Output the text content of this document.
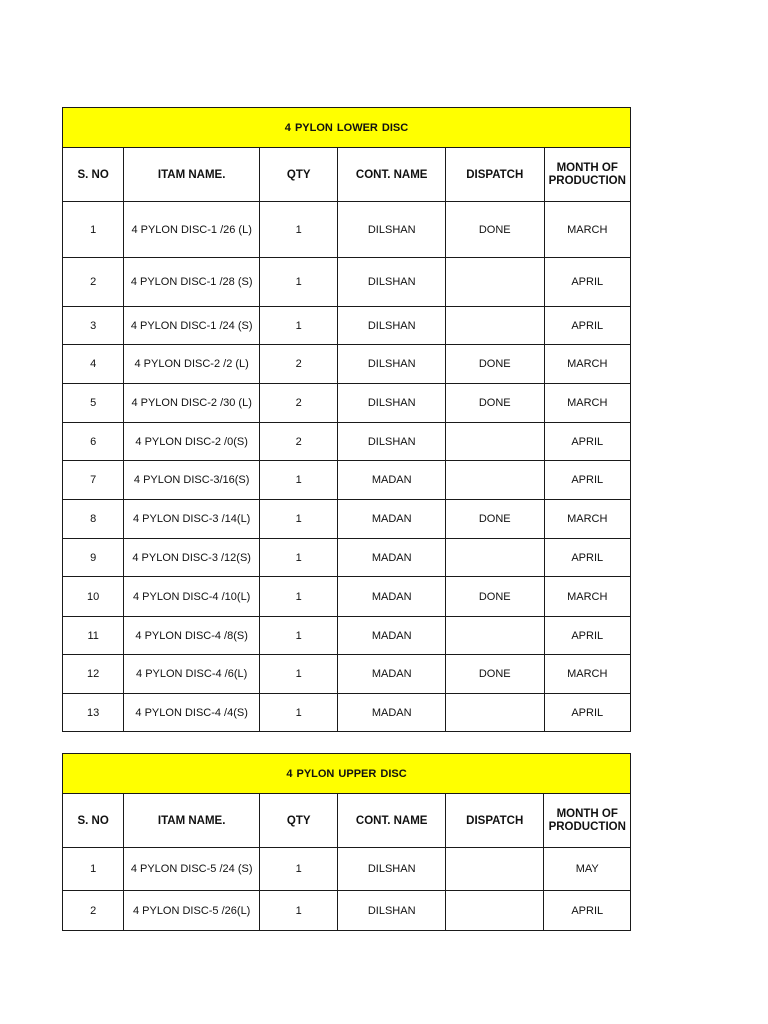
4 PYLON LOWER DISC					
S. NO	ITAM NAME.	QTY	CONT. NAME	DISPATCH	MONTH OF PRODUCTION
1	4 PYLON DISC-1 /26 (L)	1	DILSHAN	DONE	MARCH
2	4 PYLON DISC-1 /28 (S)	1	DILSHAN		APRIL
3	4 PYLON DISC-1 /24 (S)	1	DILSHAN		APRIL
4	4 PYLON DISC-2 /2 (L)	2	DILSHAN	DONE	MARCH
5	4 PYLON DISC-2 /30 (L)	2	DILSHAN	DONE	MARCH
6	4 PYLON DISC-2 /0(S)	2	DILSHAN		APRIL
7	4 PYLON DISC-3/16(S)	1	MADAN		APRIL
8	4 PYLON DISC-3 /14(L)	1	MADAN	DONE	MARCH
9	4 PYLON DISC-3 /12(S)	1	MADAN		APRIL
10	4 PYLON DISC-4 /10(L)	1	MADAN	DONE	MARCH
11	4 PYLON DISC-4 /8(S)	1	MADAN		APRIL
12	4 PYLON DISC-4 /6(L)	1	MADAN	DONE	MARCH
13	4 PYLON DISC-4 /4(S)	1	MADAN		APRIL
4 PYLON UPPER DISC					
S. NO	ITAM NAME.	QTY	CONT. NAME	DISPATCH	MONTH OF PRODUCTION
1	4 PYLON DISC-5 /24 (S)	1	DILSHAN		MAY
2	4 PYLON DISC-5 /26(L)	1	DILSHAN		APRIL
